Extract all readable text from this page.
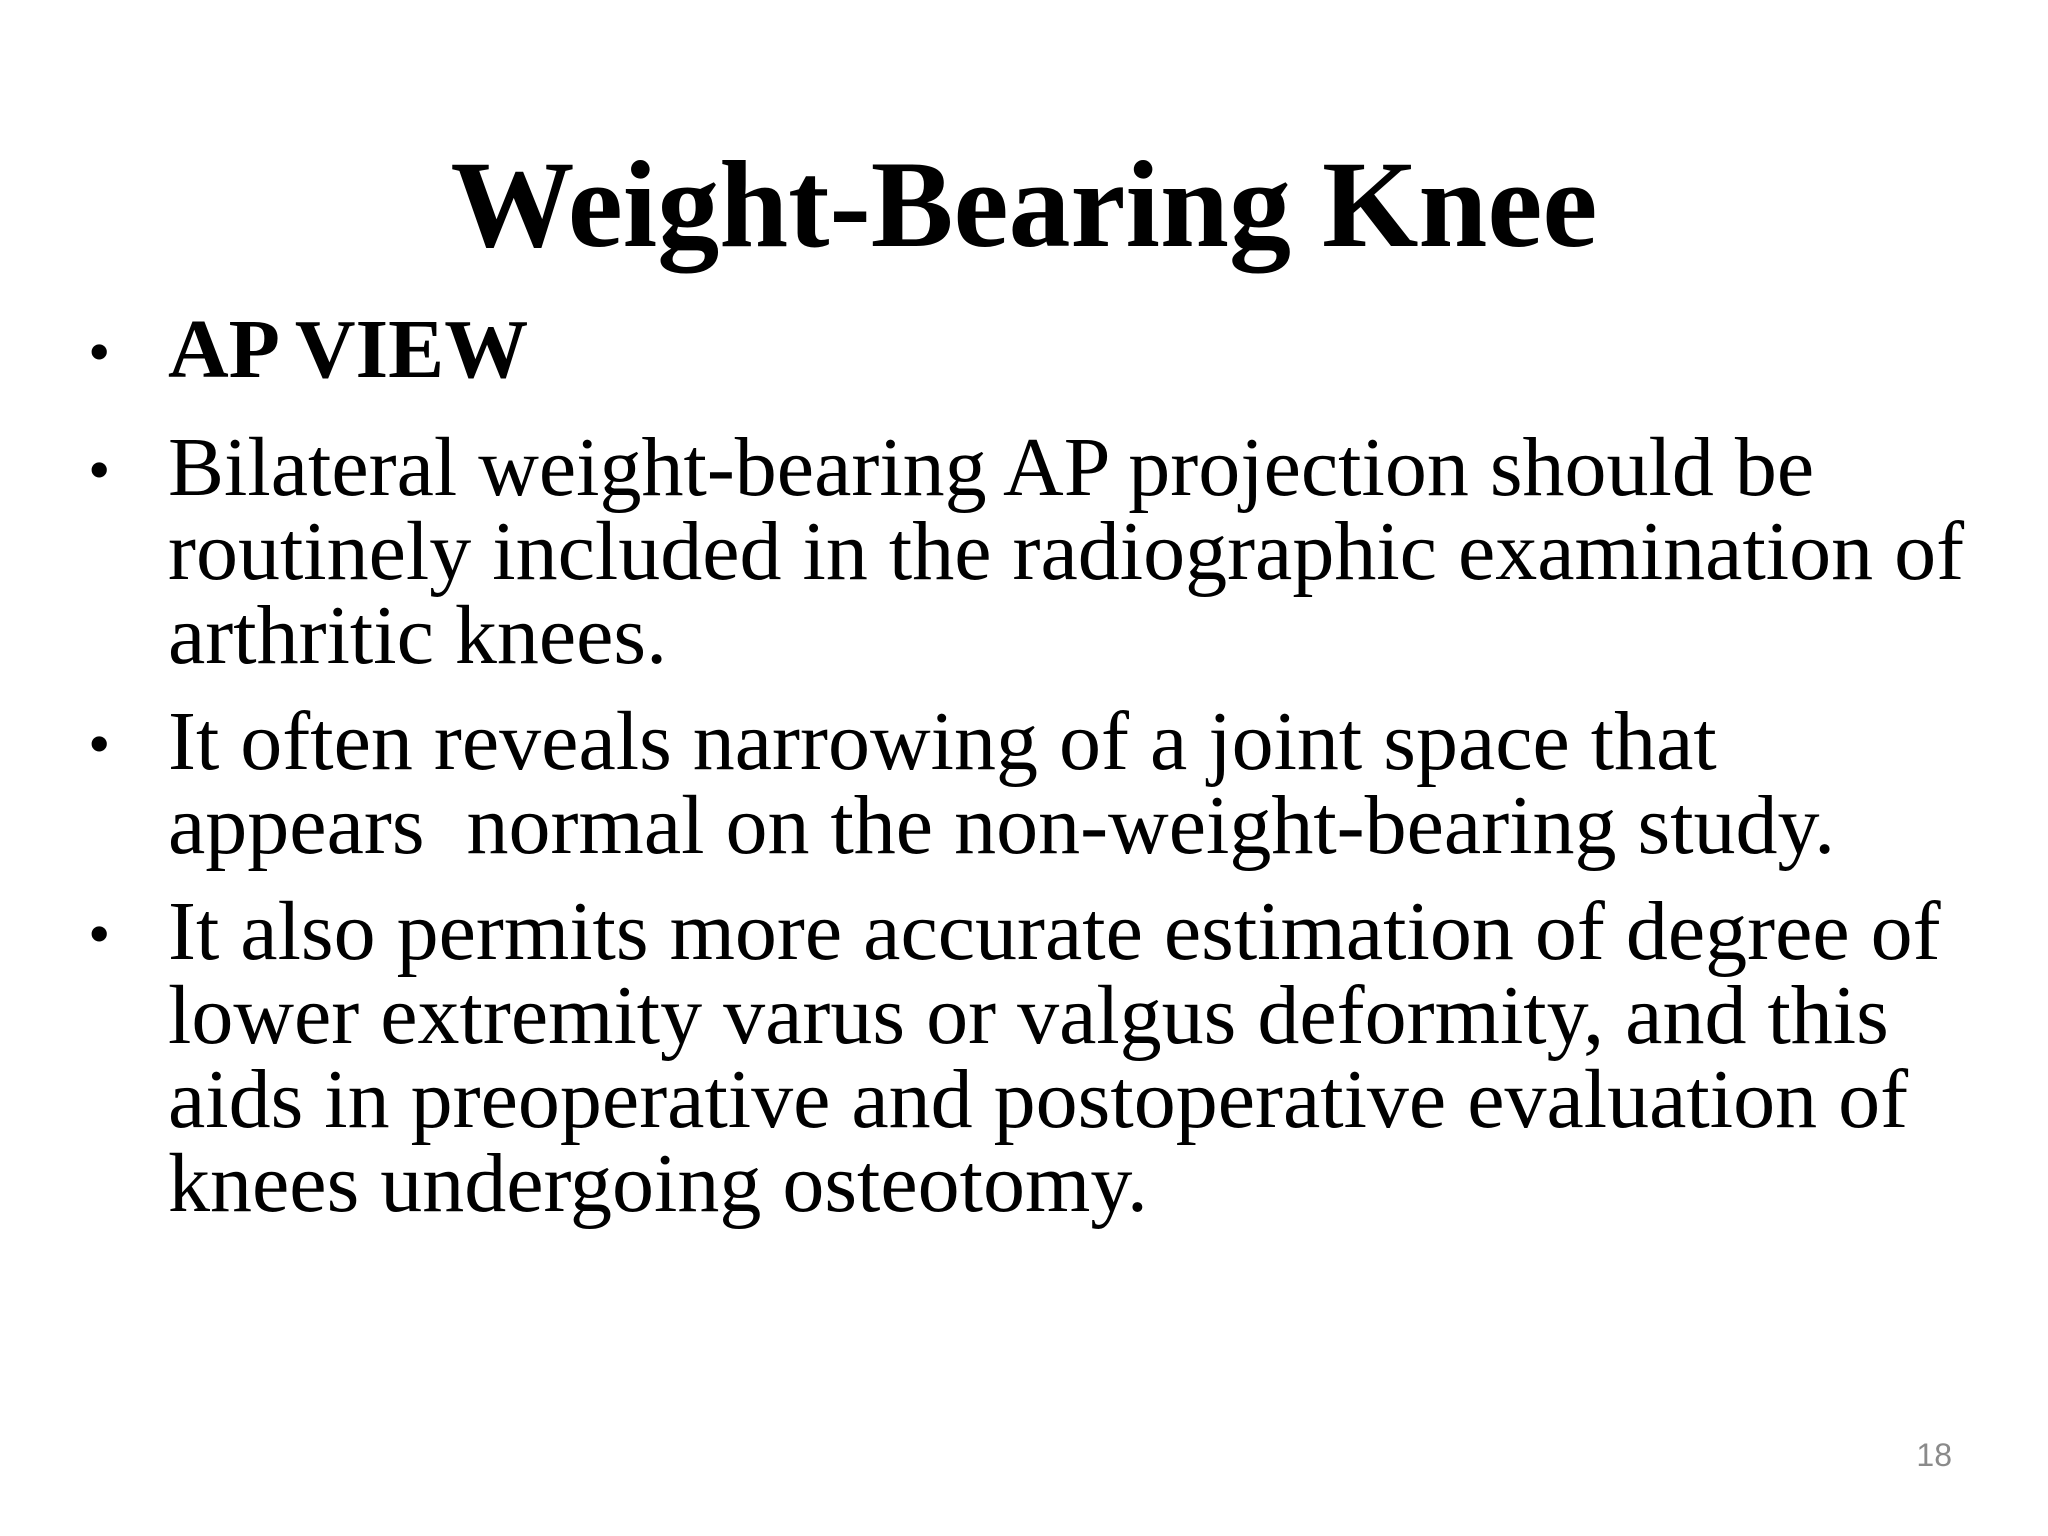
Weight-Bearing Knee
• AP VIEW
• Bilateral weight-bearing AP projection should be routinely included in the radiographic examination of arthritic knees.
• It often reveals narrowing of a joint space that appears  normal on the non-weight-bearing study.
• It also permits more accurate estimation of degree of lower extremity varus or valgus deformity, and this aids in preoperative and postoperative evaluation of knees undergoing osteotomy.
18
